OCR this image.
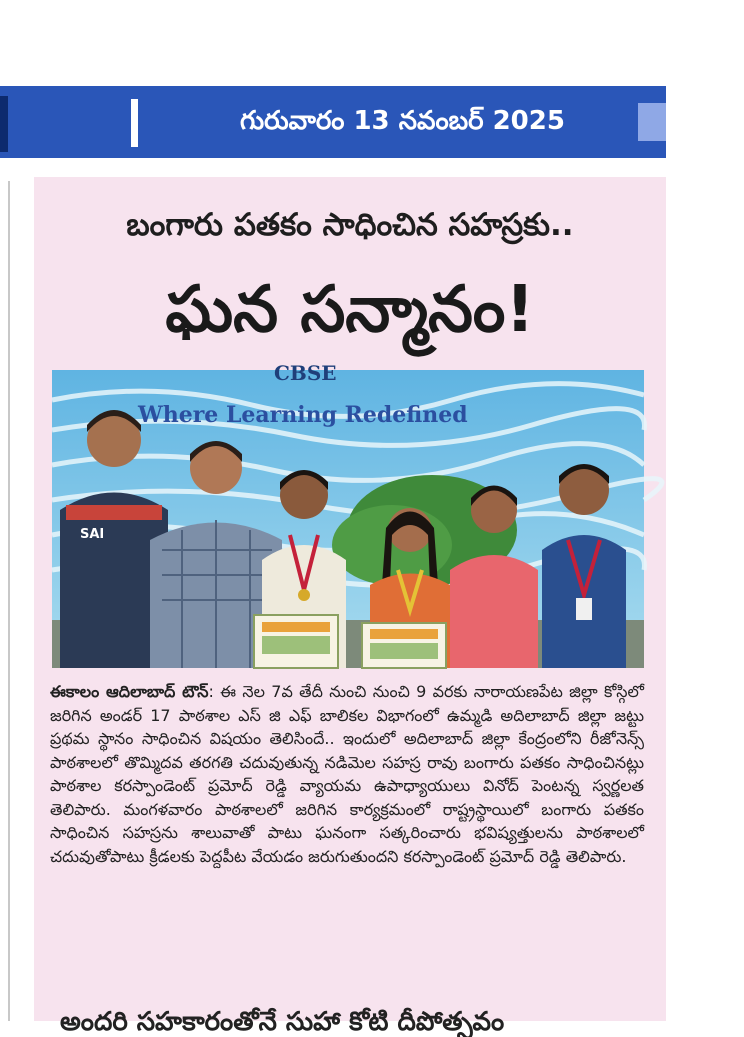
గురువారం 13 నవంబర్ 2025
బంగారు పతకం సాధించిన సహస్రకు..
ఘన సన్మానం!
CBSE
Where Learning Redefined
SAI
ఈకాలం ఆదిలాబాద్ టౌన్: ఈ నెల 7వ తేదీ నుంచి నుంచి 9 వరకు నారాయణపేట జిల్లా కోస్గిలో జరిగిన అండర్ 17 పాఠశాల ఎస్ జి ఎఫ్ బాలికల విభాగంలో ఉమ్మడి అదిలాబాద్ జిల్లా జట్టు ప్రథమ స్థానం సాధించిన విషయం తెలిసిందే.. ఇందులో అదిలాబాద్ జిల్లా కేంద్రంలోని రీజోనెన్స్ పాఠశాలలో తొమ్మిదవ తరగతి చదువుతున్న నడిమెల సహస్ర రావు బంగారు పతకం సాధించినట్లు పాఠశాల కరస్పాండెంట్ ప్రమోద్ రెడ్డి వ్యాయమ ఉపాధ్యాయులు వినోద్ పెంటన్న స్వర్ణలత తెలిపారు. మంగళవారం పాఠశాలలో జరిగిన కార్యక్రమంలో రాష్ట్రస్థాయిలో బంగారు పతకం సాధించిన సహస్రను శాలువాతో పాటు ఘనంగా సత్కరించారు భవిష్యత్తులను పాఠశాలలో చదువుతోపాటు క్రీడలకు పెద్దపీట వేయడం జరుగుతుందని కరస్పాండెంట్ ప్రమోద్ రెడ్డి తెలిపారు.
అందరి సహకారంతోనే సుహా కోటి దీపోత్సవం
